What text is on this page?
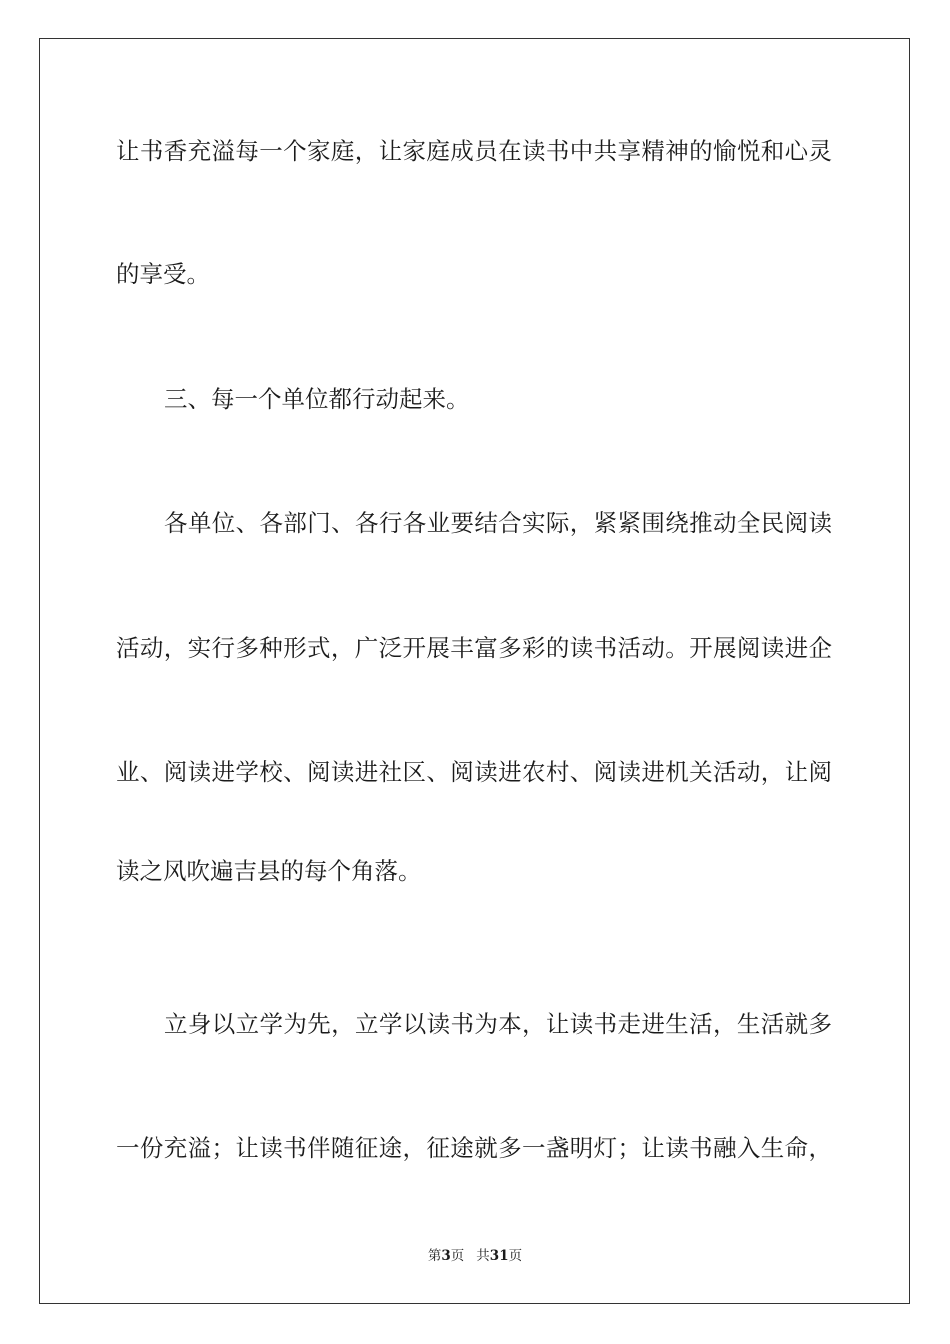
让书香充溢每一个家庭，让家庭成员在读书中共享精神的愉悦和心灵
的享受。
三、每一个单位都行动起来。
各单位、各部门、各行各业要结合实际，紧紧围绕推动全民阅读
活动，实行多种形式，广泛开展丰富多彩的读书活动。开展阅读进企
业、阅读进学校、阅读进社区、阅读进农村、阅读进机关活动，让阅
读之风吹遍吉县的每个角落。
立身以立学为先，立学以读书为本，让读书走进生活，生活就多
一份充溢；让读书伴随征途，征途就多一盏明灯；让读书融入生命，
第3页 共31页
